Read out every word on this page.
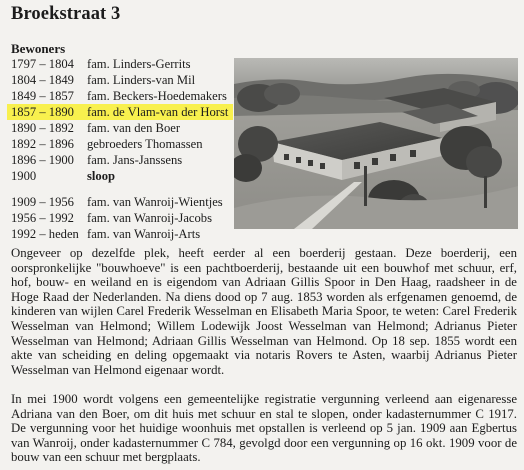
Broekstraat 3
Bewoners
1797 – 1804	fam. Linders-Gerrits
1804 – 1849	fam. Linders-van Mil
1849 – 1857	fam. Beckers-Hoedemakers
1857 – 1890	fam. de Vlam-van der Horst
1890 – 1892	fam. van den Boer
1892 – 1896	gebroeders Thomassen
1896 – 1900	fam. Jans-Janssens
1900	sloop
1909 – 1956	fam. van Wanroij-Wientjes
1956 – 1992	fam. van Wanroij-Jacobs
1992 – heden fam. van Wanroij-Arts

Ongeveer op dezelfde plek, heeft eerder al een boerderij gestaan. Deze boerderij, een oorspronkelijke "bouwhoeve" is een pachtboerderij, bestaande uit een bouwhof met schuur, erf, hof, bouw- en weiland en is eigendom van Adriaan Gillis Spoor in Den Haag, raadsheer in de Hoge Raad der Nederlanden. Na diens dood op 7 aug. 1853 worden als erfgenamen genoemd, de kinderen van wijlen Carel Frederik Wesselman en Elisabeth Maria Spoor, te weten: Carel Frederik Wesselman van Helmond; Willem Lodewijk Joost Wesselman van Helmond; Adrianus Pieter Wesselman van Helmond; Adriaan Gillis Wesselman van Helmond. Op 18 sep. 1855 wordt een akte van scheiding en deling opgemaakt via notaris Rovers te Asten, waarbij Adrianus Pieter Wesselman van Helmond eigenaar wordt.

In mei 1900 wordt volgens een gemeentelijke registratie vergunning verleend aan eigenaresse Adriana van den Boer, om dit huis met schuur en stal te slopen, onder kadasternummer C 1917. De vergunning voor het huidige woonhuis met opstallen is verleend op 5 jan. 1909 aan Egbertus van Wanroij, onder kadasternummer C 784, gevolgd door een vergunning op 16 okt. 1909 voor de bouw van een schuur met bergplaats.
